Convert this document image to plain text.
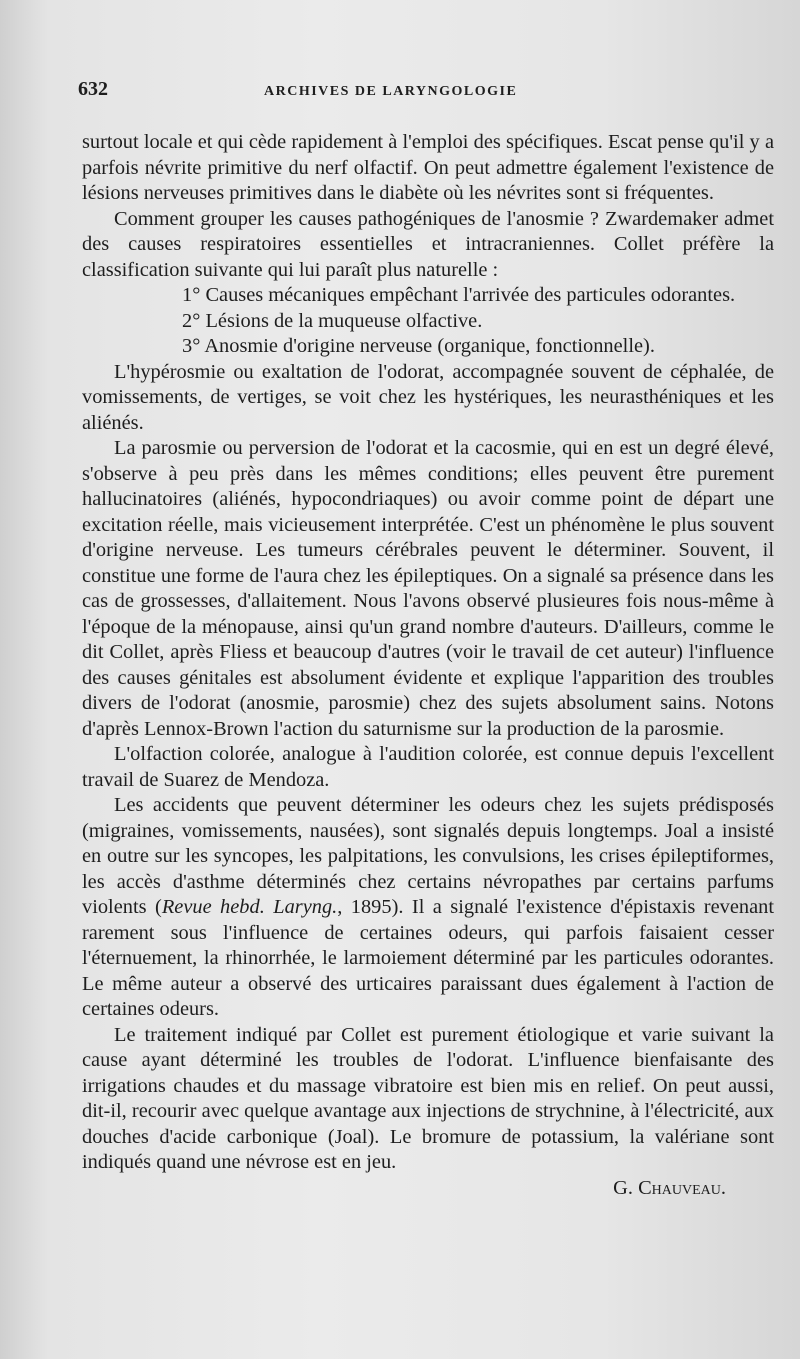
632	ARCHIVES DE LARYNGOLOGIE

surtout locale et qui cède rapidement à l'emploi des spécifiques. Escat pense qu'il y a parfois névrite primitive du nerf olfactif. On peut admettre également l'existence de lésions nerveuses primitives dans le diabète où les névrites sont si fréquentes.

Comment grouper les causes pathogéniques de l'anosmie ? Zwardemaker admet des causes respiratoires essentielles et intracraniennes. Collet préfère la classification suivante qui lui paraît plus naturelle :

1° Causes mécaniques empêchant l'arrivée des particules odorantes.

2° Lésions de la muqueuse olfactive.

3° Anosmie d'origine nerveuse (organique, fonctionnelle).

L'hypérosmie ou exaltation de l'odorat, accompagnée souvent de céphalée, de vomissements, de vertiges, se voit chez les hystériques, les neurasthéniques et les aliénés.

La parosmie ou perversion de l'odorat et la cacosmie, qui en est un degré élevé, s'observe à peu près dans les mêmes conditions; elles peuvent être purement hallucinatoires (aliénés, hypocondriaques) ou avoir comme point de départ une excitation réelle, mais vicieusement interprétée. C'est un phénomène le plus souvent d'origine nerveuse. Les tumeurs cérébrales peuvent le déterminer. Souvent, il constitue une forme de l'aura chez les épileptiques. On a signalé sa présence dans les cas de grossesses, d'allaitement. Nous l'avons observé plusieures fois nous-même à l'époque de la ménopause, ainsi qu'un grand nombre d'auteurs. D'ailleurs, comme le dit Collet, après Fliess et beaucoup d'autres (voir le travail de cet auteur) l'influence des causes génitales est absolument évidente et explique l'apparition des troubles divers de l'odorat (anosmie, parosmie) chez des sujets absolument sains. Notons d'après Lennox-Brown l'action du saturnisme sur la production de la parosmie.

L'olfaction colorée, analogue à l'audition colorée, est connue depuis l'excellent travail de Suarez de Mendoza.

Les accidents que peuvent déterminer les odeurs chez les sujets prédisposés (migraines, vomissements, nausées), sont signalés depuis longtemps. Joal a insisté en outre sur les syncopes, les palpitations, les convulsions, les crises épileptiformes, les accès d'asthme déterminés chez certains névropathes par certains parfums violents (Revue hebd. Laryng., 1895). Il a signalé l'existence d'épistaxis revenant rarement sous l'influence de certaines odeurs, qui parfois faisaient cesser l'éternuement, la rhinorrhée, le larmoiement déterminé par les particules odorantes. Le même auteur a observé des urticaires paraissant dues également à l'action de certaines odeurs.

Le traitement indiqué par Collet est purement étiologique et varie suivant la cause ayant déterminé les troubles de l'odorat. L'influence bienfaisante des irrigations chaudes et du massage vibratoire est bien mis en relief. On peut aussi, dit-il, recourir avec quelque avantage aux injections de strychnine, à l'électricité, aux douches d'acide carbonique (Joal). Le bromure de potassium, la valériane sont indiqués quand une névrose est en jeu.

G. Chauveau.
